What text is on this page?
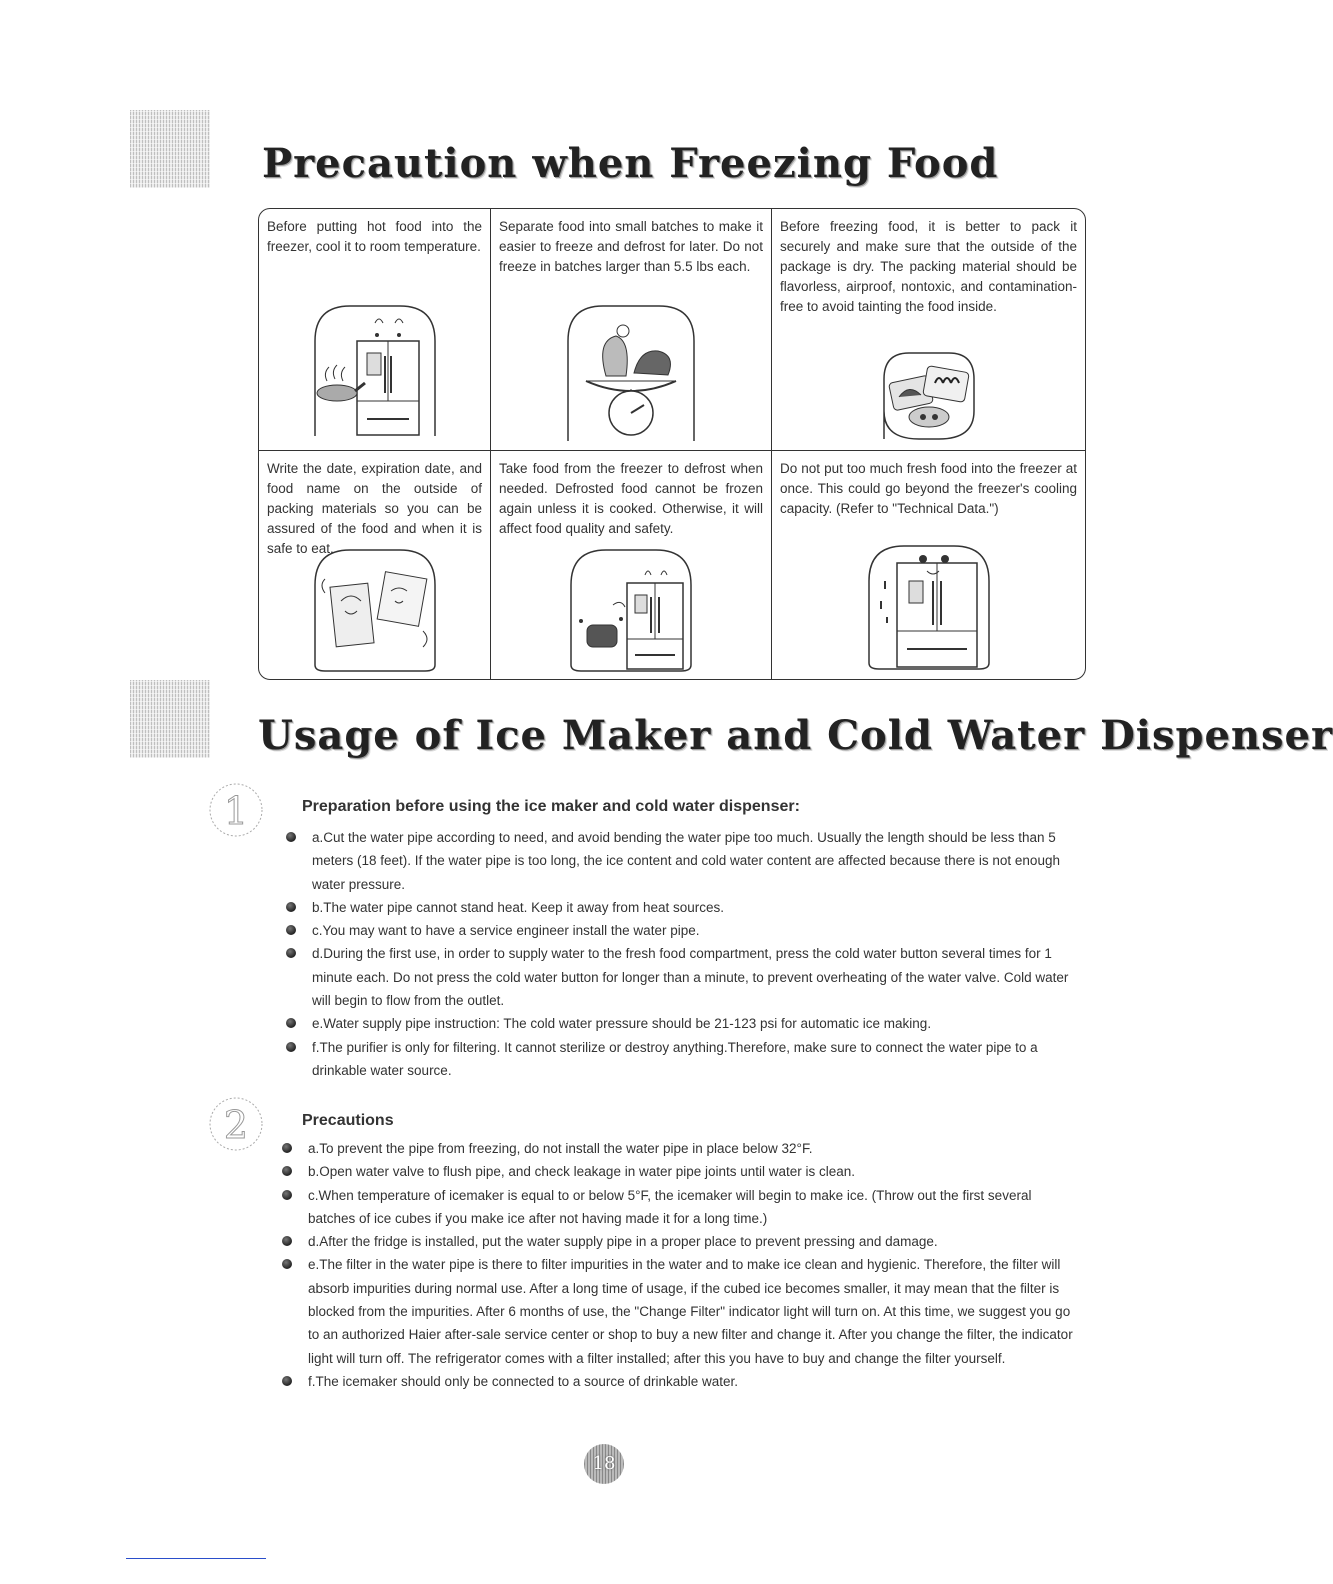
Precaution when Freezing Food

Before putting hot food into the freezer, cool it to room temperature.

Separate food into small batches to make it easier to freeze and defrost for later. Do not freeze in batches larger than 5.5 lbs each.

Before freezing food, it is better to pack it securely and make sure that the outside of the package is dry. The packing material should be flavorless, airproof, nontoxic, and contamination-free to avoid tainting the food inside.

Write the date, expiration date, and food name on the outside of packing materials so you can be assured of the food and when it is safe to eat.

Take food from the freezer to defrost when needed. Defrosted food cannot be frozen again unless it is cooked. Otherwise, it will affect food quality and safety.

Do not put too much fresh food into the freezer at once. This could go beyond the freezer's cooling capacity. (Refer to "Technical Data.")

Usage of Ice Maker and Cold Water Dispenser
1	Preparation before using the ice maker and cold water dispenser:
a.Cut the water pipe according to need, and avoid bending the water pipe too much. Usually the length should be less than 5 meters (18 feet). If the water pipe is too long, the ice content and cold water content are affected because there is not enough water pressure.
b.The water pipe cannot stand heat. Keep it away from heat sources.
c.You may want to have a service engineer install the water pipe.
d.During the first use, in order to supply water to the fresh food compartment, press the cold water button several times for 1 minute each. Do not press the cold water button for longer than a minute, to prevent overheating of the water valve. Cold water will begin to flow from the outlet.
e.Water supply pipe instruction: The cold water pressure should be 21-123 psi for automatic ice making.
f.The purifier is only for filtering. It cannot sterilize or destroy anything.Therefore, make sure to connect the water pipe to a drinkable water source.
2	Precautions
a.To prevent the pipe from freezing, do not install the water pipe in place below 32°F.
b.Open water valve to flush pipe, and check leakage in water pipe joints until water is clean.
c.When temperature of icemaker is equal to or below 5°F, the icemaker will begin to make ice. (Throw out the first several batches of ice cubes if you make ice after not having made it for a long time.)
d.After the fridge is installed, put the water supply pipe in a proper place to prevent pressing and damage.
e.The filter in the water pipe is there to filter impurities in the water and to make ice clean and hygienic. Therefore, the filter will absorb impurities during normal use. After a long time of usage, if the cubed ice becomes smaller, it may mean that the filter is blocked from the impurities. After 6 months of use, the "Change Filter" indicator light will turn on. At this time, we suggest you go to an authorized Haier after-sale service center or shop to buy a new filter and change it. After you change the filter, the indicator light will turn off. The refrigerator comes with a filter installed; after this you have to buy and change the filter yourself.
f.The icemaker should only be connected to a source of drinkable water.
18
